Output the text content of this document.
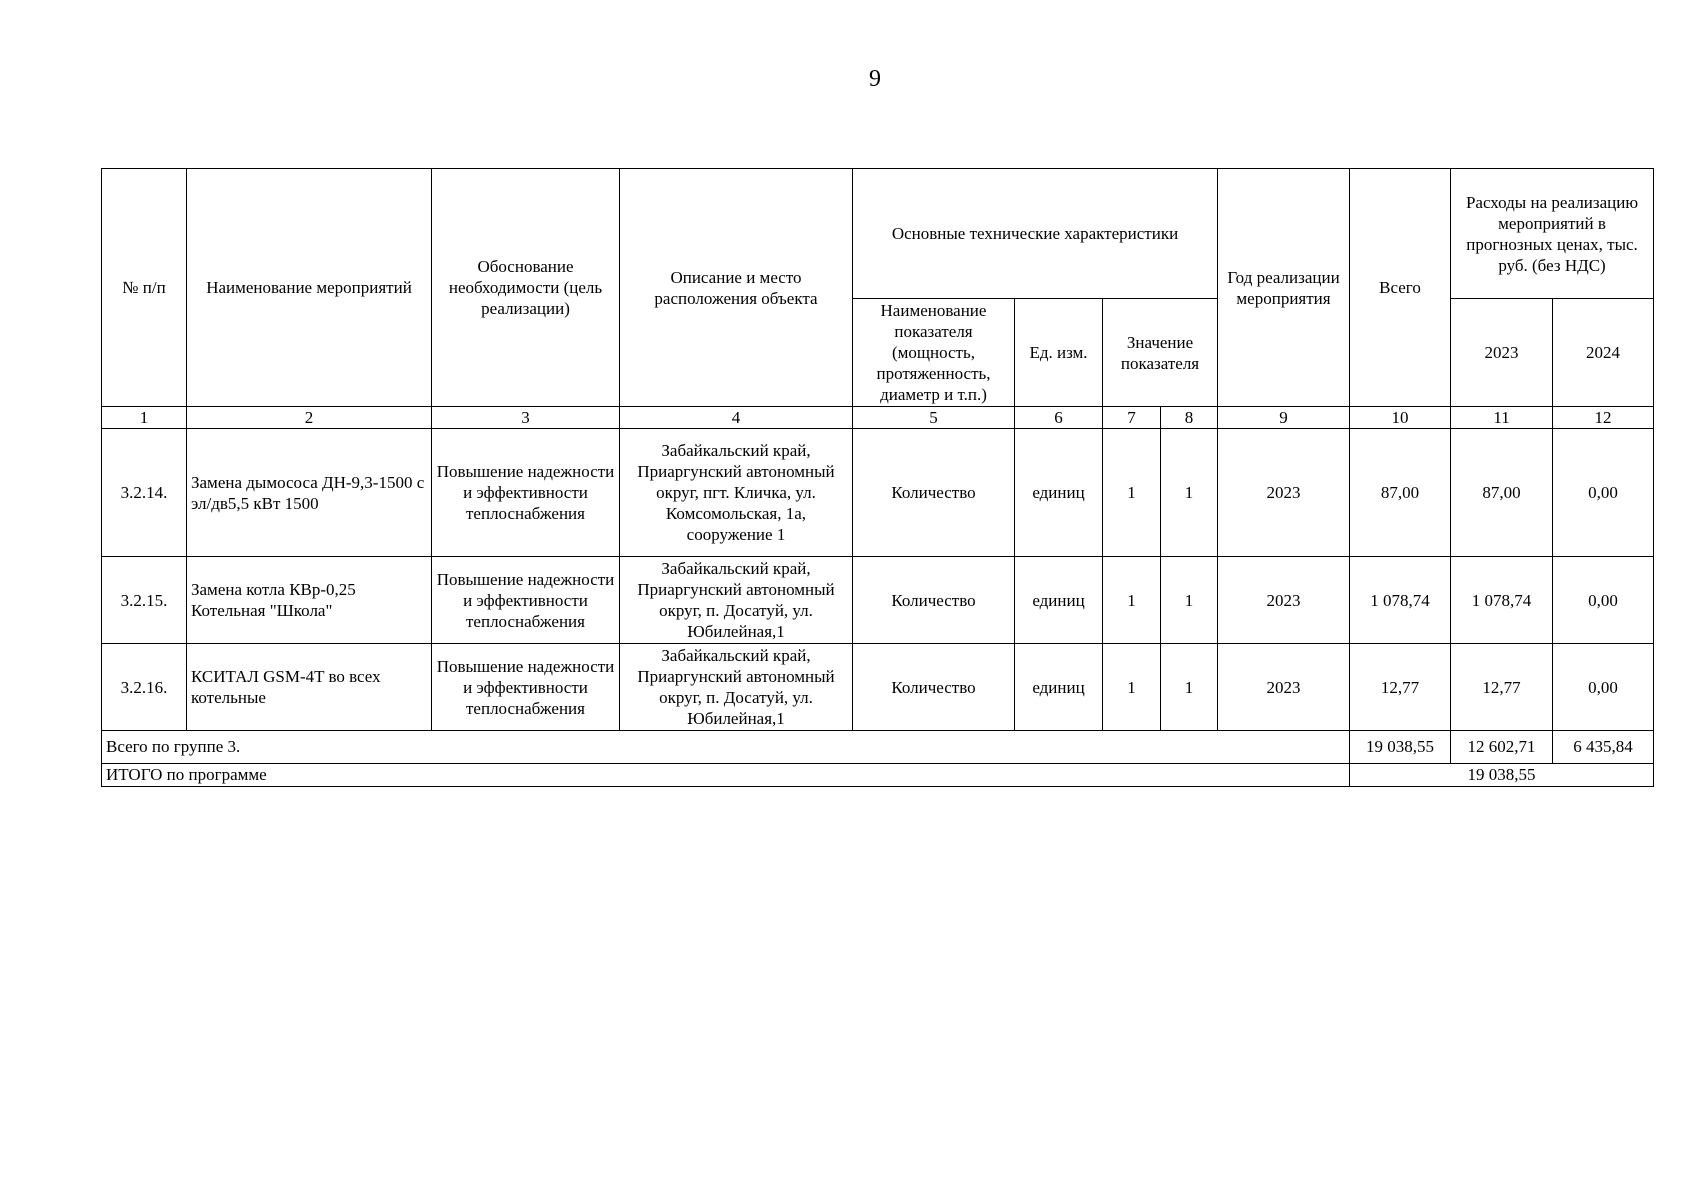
9
№ п/п	Наименование мероприятий	Обоснование необходимости (цель реализации)	Описание и место расположения объекта	Основные технические характеристики				Год реализации мероприятия	Всего	Расходы на реализацию мероприятий в прогнозных ценах, тыс. руб. (без НДС)	
				Наименование показателя (мощность, протяженность, диаметр и т.п.)	Ед. изм.	Значение показателя				2023	2024
1	2	3	4	5	6	7	8	9	10	11	12
3.2.14.	Замена дымососа ДН-9,3-1500 с эл/дв5,5 кВт 1500	Повышение надежности и эффективности теплоснабжения	Забайкальский край, Приаргунский автономный округ, пгт. Кличка, ул. Комсомольская, 1а, сооружение 1	Количество	единиц	1	1	2023	87,00	87,00	0,00
3.2.15.	Замена котла КВр-0,25 Котельная "Школа"	Повышение надежности и эффективности теплоснабжения	Забайкальский край, Приаргунский автономный округ, п. Досатуй, ул. Юбилейная,1	Количество	единиц	1	1	2023	1 078,74	1 078,74	0,00
3.2.16.	КСИТАЛ GSM-4T во всех котельные	Повышение надежности и эффективности теплоснабжения	Забайкальский край, Приаргунский автономный округ, п. Досатуй, ул. Юбилейная,1	Количество	единиц	1	1	2023	12,77	12,77	0,00
Всего по группе 3.									19 038,55	12 602,71	6 435,84
ИТОГО по программе									19 038,55		
